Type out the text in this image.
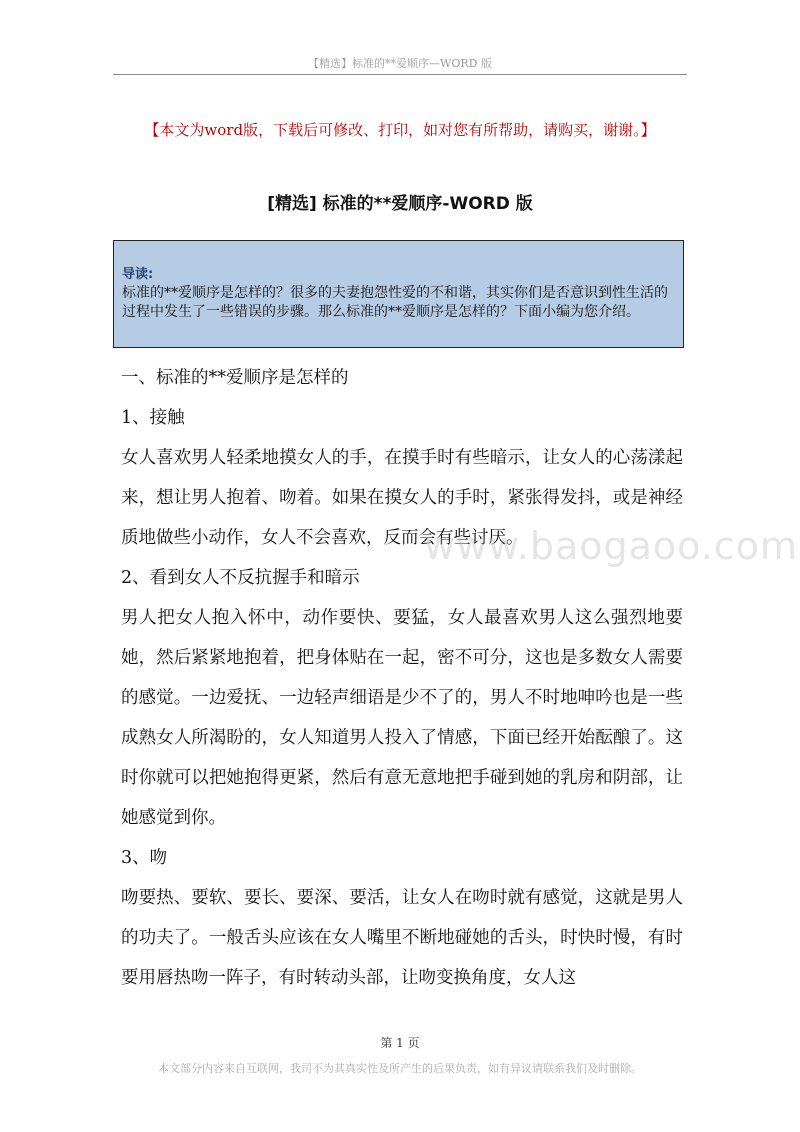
【精选】标准的**爱顺序—WORD 版
【本文为word版，下载后可修改、打印，如对您有所帮助，请购买，谢谢。】
[精选] 标准的**爱顺序-WORD 版
导读:
标准的**爱顺序是怎样的？很多的夫妻抱怨性爱的不和谐，其实你们是否意识到性生活的过程中发生了一些错误的步骤。那么标准的**爱顺序是怎样的？下面小编为您介绍。

一、标准的**爱顺序是怎样的

1、接触

女人喜欢男人轻柔地摸女人的手，在摸手时有些暗示，让女人的心荡漾起来，想让男人抱着、吻着。如果在摸女人的手时，紧张得发抖，或是神经质地做些小动作，女人不会喜欢，反而会有些讨厌。

2、看到女人不反抗握手和暗示

男人把女人抱入怀中，动作要快、要猛，女人最喜欢男人这么强烈地要她，然后紧紧地抱着，把身体贴在一起，密不可分，这也是多数女人需要的感觉。一边爱抚、一边轻声细语是少不了的，男人不时地呻吟也是一些成熟女人所渴盼的，女人知道男人投入了情感，下面已经开始酝酿了。这时你就可以把她抱得更紧，然后有意无意地把手碰到她的乳房和阴部，让她感觉到你。

3、吻

吻要热、要软、要长、要深、要活，让女人在吻时就有感觉，这就是男人的功夫了。一般舌头应该在女人嘴里不断地碰她的舌头，时快时慢，有时要用唇热吻一阵子，有时转动头部，让吻变换角度，女人这

www.baogaoo.com
第 1 页
本文部分内容来自互联网，我司不为其真实性及所产生的后果负责，如有异议请联系我们及时删除。
